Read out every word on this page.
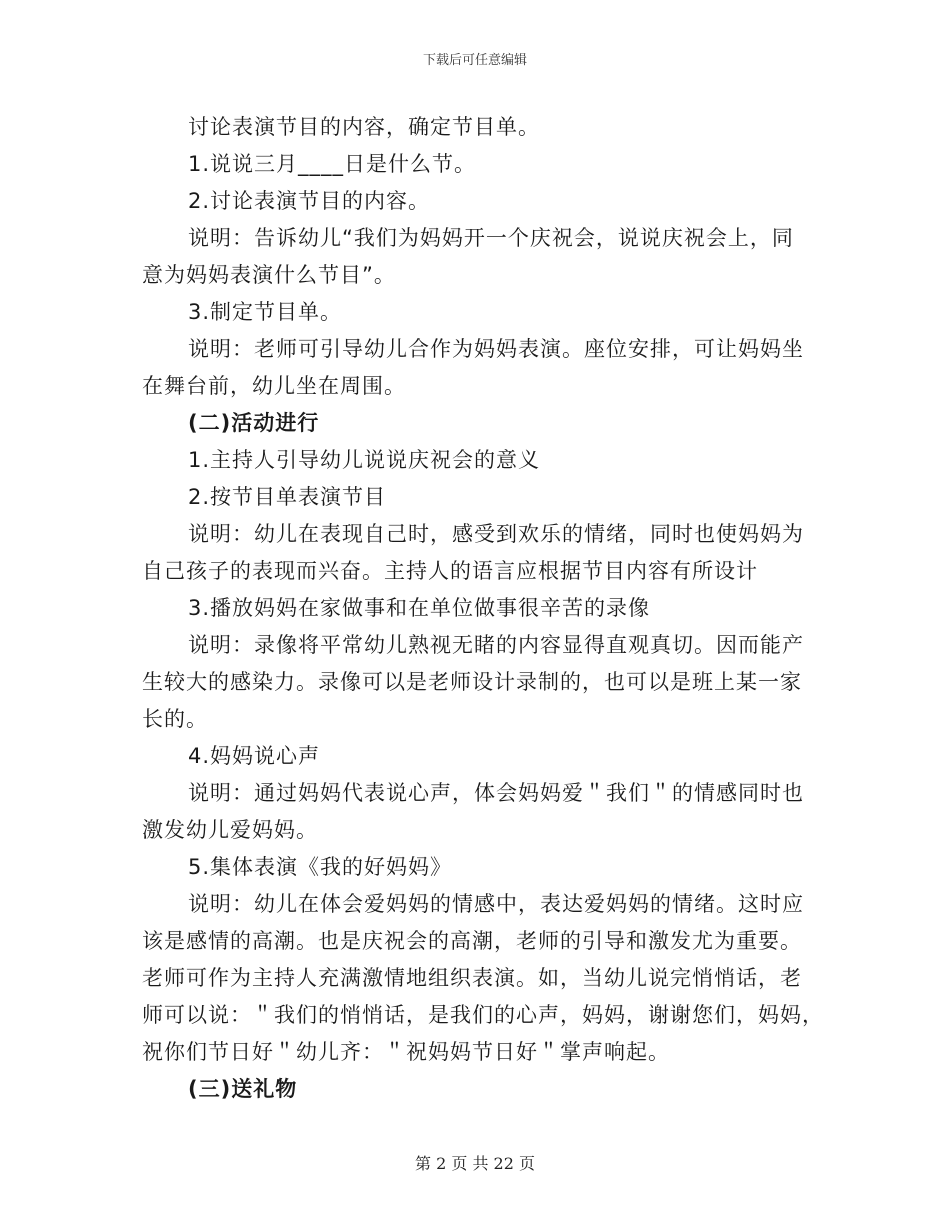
下载后可任意编辑

讨论表演节目的内容，确定节目单。

1.说说三月____日是什么节。

2.讨论表演节目的内容。

说明：告诉幼儿“我们为妈妈开一个庆祝会，说说庆祝会上，同

意为妈妈表演什么节目”。

3.制定节目单。

说明：老师可引导幼儿合作为妈妈表演。座位安排，可让妈妈坐

在舞台前，幼儿坐在周围。

(二)活动进行

1.主持人引导幼儿说说庆祝会的意义

2.按节目单表演节目

说明：幼儿在表现自己时，感受到欢乐的情绪，同时也使妈妈为

自己孩子的表现而兴奋。主持人的语言应根据节目内容有所设计

3.播放妈妈在家做事和在单位做事很辛苦的录像

说明：录像将平常幼儿熟视无睹的内容显得直观真切。因而能产

生较大的感染力。录像可以是老师设计录制的，也可以是班上某一家

长的。

4.妈妈说心声

说明：通过妈妈代表说心声，体会妈妈爱＂我们＂的情感同时也

激发幼儿爱妈妈。

5.集体表演《我的好妈妈》

说明：幼儿在体会爱妈妈的情感中，表达爱妈妈的情绪。这时应

该是感情的高潮。也是庆祝会的高潮，老师的引导和激发尤为重要。

老师可作为主持人充满激情地组织表演。如，当幼儿说完悄悄话，老

师可以说：＂我们的悄悄话，是我们的心声，妈妈，谢谢您们，妈妈，

祝你们节日好＂幼儿齐：＂祝妈妈节日好＂掌声响起。

(三)送礼物

第 2 页 共 22 页
